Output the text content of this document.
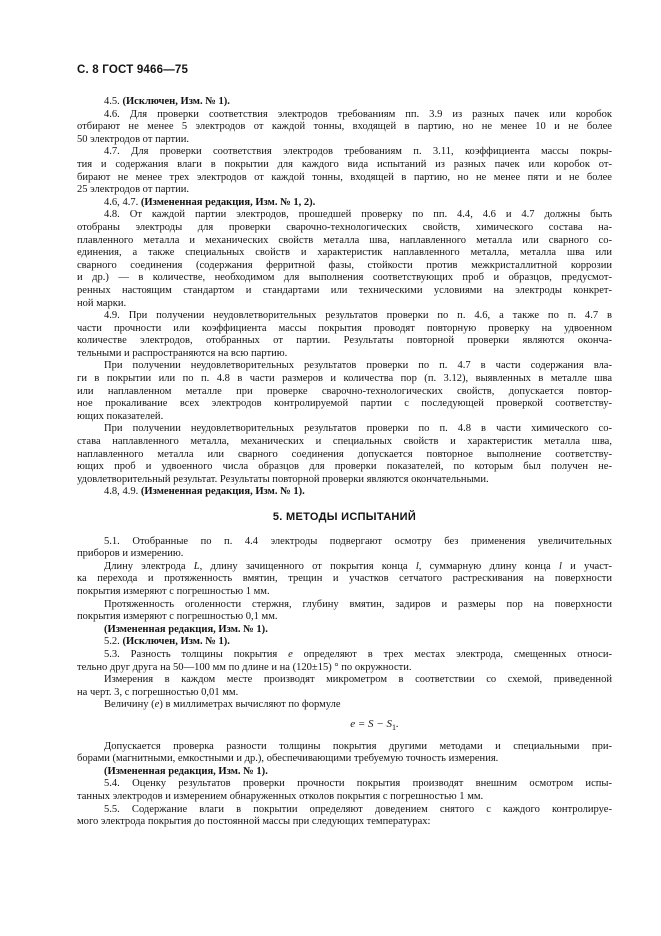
С. 8 ГОСТ 9466—75
4.5. (Исключен, Изм. № 1).
4.6. Для проверки соответствия электродов требованиям пп. 3.9 из разных пачек или коробок
отбирают не менее 5 электродов от каждой тонны, входящей в партию, но не менее 10 и не более
50 электродов от партии.
4.7. Для проверки соответствия электродов требованиям п. 3.11, коэффициента массы покры-
тия и содержания влаги в покрытии для каждого вида испытаний из разных пачек или коробок от-
бирают не менее трех электродов от каждой тонны, входящей в партию, но не менее пяти и не более
25 электродов от партии.
4.6, 4.7. (Измененная редакция, Изм. № 1, 2).
4.8. От каждой партии электродов, прошедшей проверку по пп. 4.4, 4.6 и 4.7 должны быть
отобраны электроды для проверки сварочно-технологических свойств, химического состава на-
плавленного металла и механических свойств металла шва, наплавленного металла или сварного со-
единения, а также специальных свойств и характеристик наплавленного металла, металла шва или
сварного соединения (содержания ферритной фазы, стойкости против межкристаллитной коррозии
и др.) — в количестве, необходимом для выполнения соответствующих проб и образцов, предусмот-
ренных настоящим стандартом и стандартами или техническими условиями на электроды конкрет-
ной марки.
4.9. При получении неудовлетворительных результатов проверки по п. 4.6, а также по п. 4.7 в
части прочности или коэффициента массы покрытия проводят повторную проверку на удвоенном
количестве электродов, отобранных от партии. Результаты повторной проверки являются оконча-
тельными и распространяются на всю партию.
При получении неудовлетворительных результатов проверки по п. 4.7 в части содержания вла-
ги в покрытии или по п. 4.8 в части размеров и количества пор (п. 3.12), выявленных в металле шва
или наплавленном металле при проверке сварочно-технологических свойств, допускается повтор-
ное прокаливание всех электродов контролируемой партии с последующей проверкой соответству-
ющих показателей.
При получении неудовлетворительных результатов проверки по п. 4.8 в части химического со-
става наплавленного металла, механических и специальных свойств и характеристик металла шва,
наплавленного металла или сварного соединения допускается повторное выполнение соответству-
ющих проб и удвоенного числа образцов для проверки показателей, по которым был получен не-
удовлетворительный результат. Результаты повторной проверки являются окончательными.
4.8, 4.9. (Измененная редакция, Изм. № 1).
5. МЕТОДЫ ИСПЫТАНИЙ
5.1. Отобранные по п. 4.4 электроды подвергают осмотру без применения увеличительных
приборов и измерению.
Длину электрода L, длину зачищенного от покрытия конца l, суммарную длину конца l и участ-
ка перехода и протяженность вмятин, трещин и участков сетчатого растрескивания на поверхности
покрытия измеряют с погрешностью 1 мм.
Протяженность оголенности стержня, глубину вмятин, задиров и размеры пор на поверхности
покрытия измеряют с погрешностью 0,1 мм.
(Измененная редакция, Изм. № 1).
5.2. (Исключен, Изм. № 1).
5.3. Разность толщины покрытия e определяют в трех местах электрода, смещенных относи-
тельно друг друга на 50—100 мм по длине и на (120±15) ° по окружности.
Измерения в каждом месте производят микрометром в соответствии со схемой, приведенной
на черт. 3, с погрешностью 0,01 мм.
Величину (e) в миллиметрах вычисляют по формуле
$e = S - S_1$.
Допускается проверка разности толщины покрытия другими методами и специальными при-
борами (магнитными, емкостными и др.), обеспечивающими требуемую точность измерения.
(Измененная редакция, Изм. № 1).
5.4. Оценку результатов проверки прочности покрытия производят внешним осмотром испы-
танных электродов и измерением обнаруженных отколов покрытия с погрешностью 1 мм.
5.5. Содержание влаги в покрытии определяют доведением снятого с каждого контролируе-
мого электрода покрытия до постоянной массы при следующих температурах:
